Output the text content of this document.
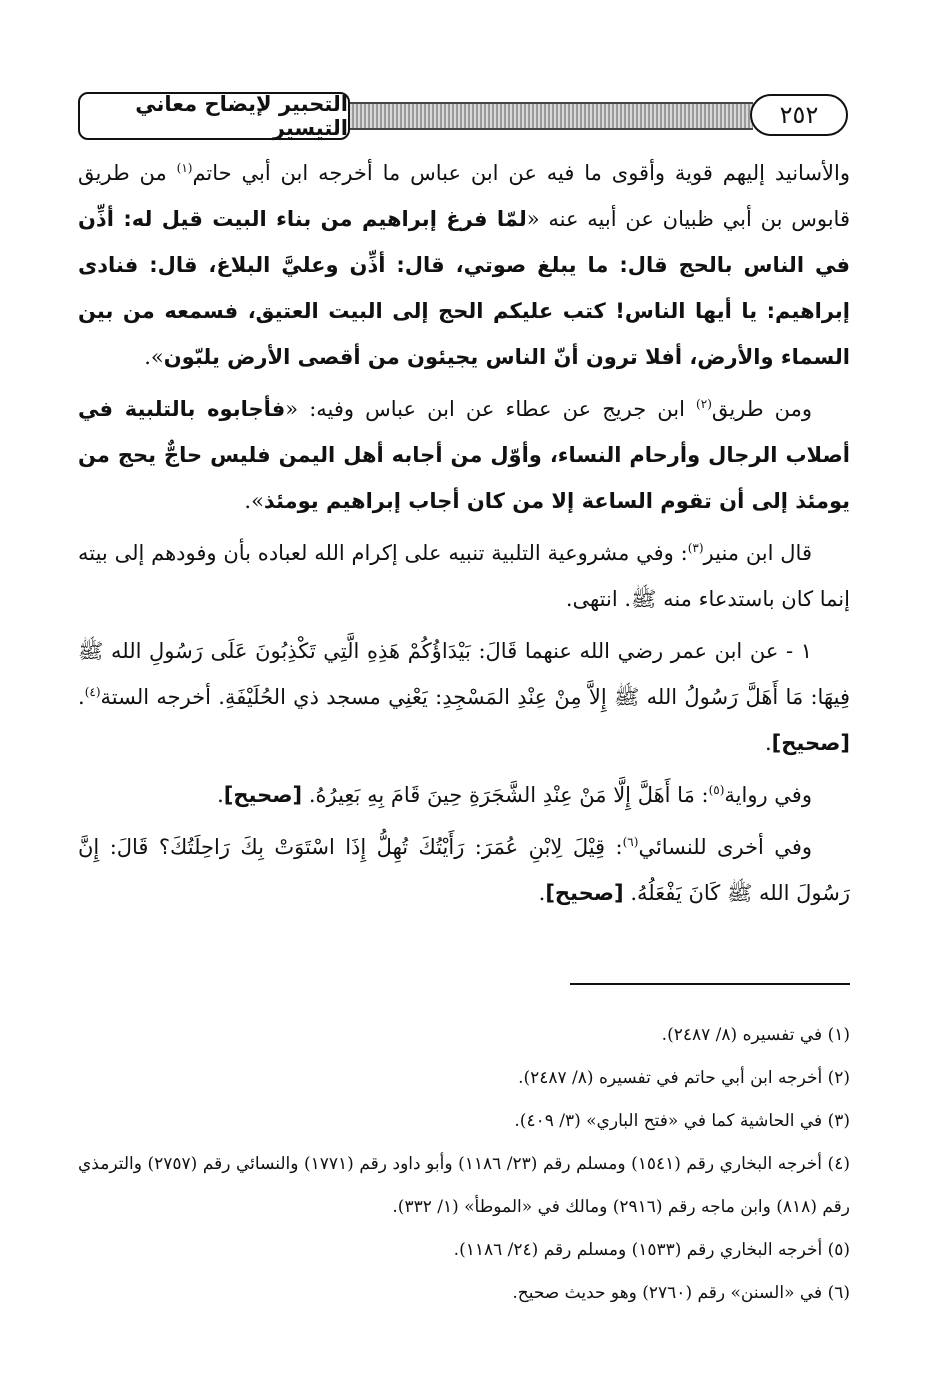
التحبير لإيضاح معاني التيسير	٢٥٢

والأسانيد إليهم قوية وأقوى ما فيه عن ابن عباس ما أخرجه ابن أبي حاتم$^{(١)}$ من طريق قابوس بن أبي ظبيان عن أبيه عنه «لمّا فرغ إبراهيم من بناء البيت قيل له: أذِّن في الناس بالحج قال: ما يبلغ صوتي، قال: أذِّن وعليَّ البلاغ، قال: فنادى إبراهيم: يا أيها الناس! كتب عليكم الحج إلى البيت العتيق، فسمعه من بين السماء والأرض، أفلا ترون أنّ الناس يجيئون من أقصى الأرض يلبّون».

ومن طريق$^{(٢)}$ ابن جريج عن عطاء عن ابن عباس وفيه: «فأجابوه بالتلبية في أصلاب الرجال وأرحام النساء، وأوّل من أجابه أهل اليمن فليس حاجٌّ يحج من يومئذ إلى أن تقوم الساعة إلا من كان أجاب إبراهيم يومئذ».

قال ابن منير$^{(٣)}$: وفي مشروعية التلبية تنبيه على إكرام الله لعباده بأن وفودهم إلى بيته إنما كان باستدعاء منه ﷺ. انتهى.

١ - عن ابن عمر رضي الله عنهما قَالَ: بَيْدَاؤُكُمْ هَذِهِ الَّتِي تَكْذِبُونَ عَلَى رَسُولِ الله ﷺ فِيهَا: مَا أَهَلَّ رَسُولُ الله ﷺ إِلاَّ مِنْ عِنْدِ المَسْجِدِ: يَعْنِي مسجد ذي الحُلَيْفَةِ. أخرجه الستة$^{(٤)}$. [صحيح].

وفي رواية$^{(٥)}$: مَا أَهَلَّ إِلَّا مَنْ عِنْدِ الشَّجَرَةِ حِينَ قَامَ بِهِ بَعِيرُهُ. [صحيح].

وفي أخرى للنسائي$^{(٦)}$: قِيْلَ لِابْنِ عُمَرَ: رَأَيْتُكَ تُهِلُّ إِذَا اسْتَوَتْ بِكَ رَاحِلَتُكَ؟ قَالَ: إِنَّ رَسُولَ الله ﷺ كَانَ يَفْعَلُهُ. [صحيح].

(١) في تفسيره (٨/ ٢٤٨٧).

(٢) أخرجه ابن أبي حاتم في تفسيره (٨/ ٢٤٨٧).

(٣) في الحاشية كما في «فتح الباري» (٣/ ٤٠٩).

(٤) أخرجه البخاري رقم (١٥٤١) ومسلم رقم (٢٣/ ١١٨٦) وأبو داود رقم (١٧٧١) والنسائي رقم (٢٧٥٧) والترمذي رقم (٨١٨) وابن ماجه رقم (٢٩١٦) ومالك في «الموطأ» (١/ ٣٣٢).

(٥) أخرجه البخاري رقم (١٥٣٣) ومسلم رقم (٢٤/ ١١٨٦).

(٦) في «السنن» رقم (٢٧٦٠) وهو حديث صحيح.
